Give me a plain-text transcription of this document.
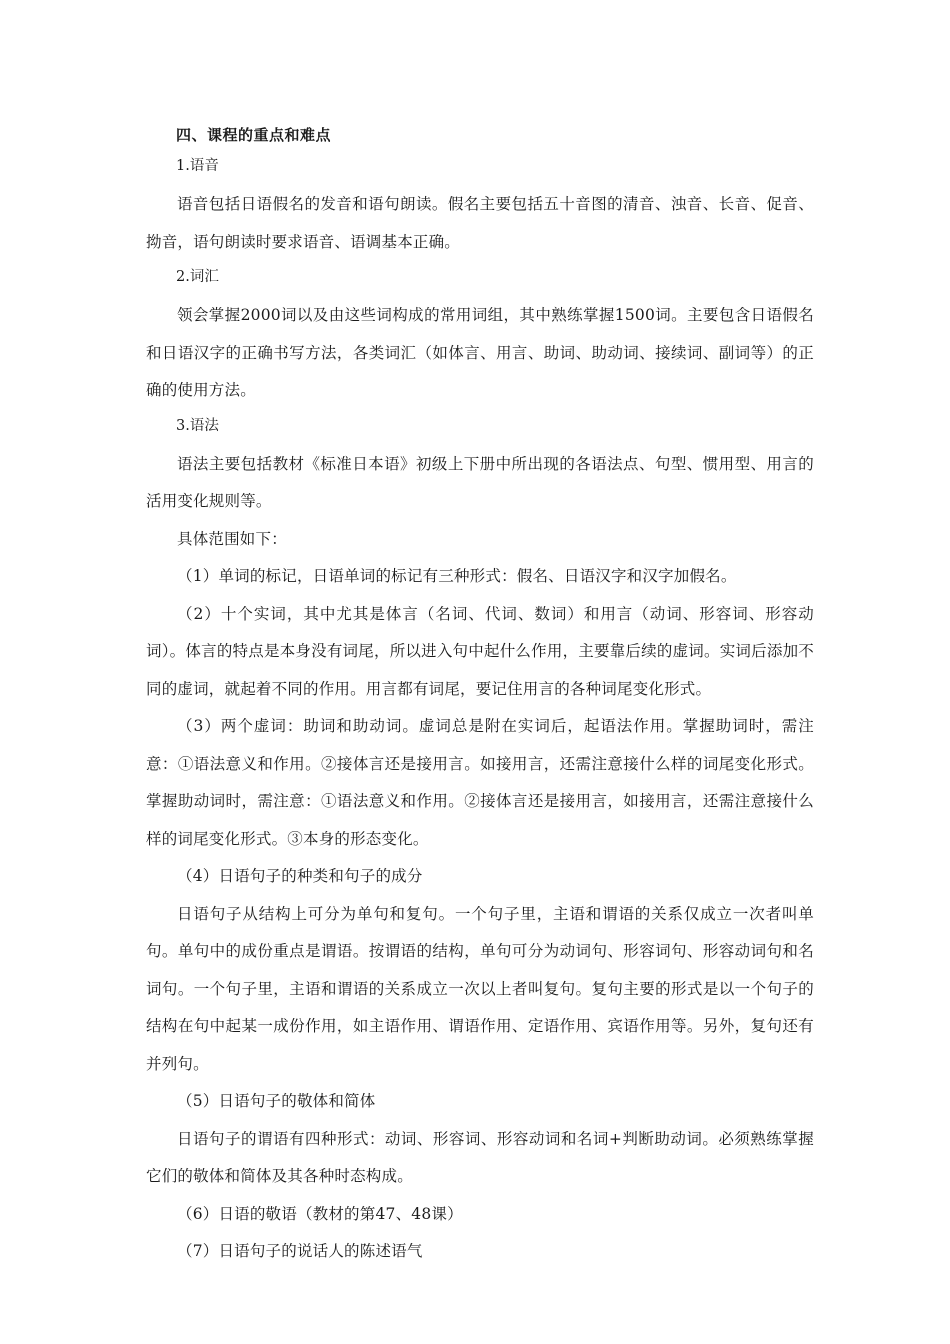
四、课程的重点和难点
1.语音

语音包括日语假名的发音和语句朗读。假名主要包括五十音图的清音、浊音、长音、促音、拗音，语句朗读时要求语音、语调基本正确。

2.词汇

领会掌握2000词以及由这些词构成的常用词组，其中熟练掌握1500词。主要包含日语假名和日语汉字的正确书写方法，各类词汇（如体言、用言、助词、助动词、接续词、副词等）的正确的使用方法。

3.语法

语法主要包括教材《标准日本语》初级上下册中所出现的各语法点、句型、惯用型、用言的活用变化规则等。

具体范围如下：

（1）单词的标记，日语单词的标记有三种形式：假名、日语汉字和汉字加假名。

（2）十个实词，其中尤其是体言（名词、代词、数词）和用言（动词、形容词、形容动词）。体言的特点是本身没有词尾，所以进入句中起什么作用，主要靠后续的虚词。实词后添加不同的虚词，就起着不同的作用。用言都有词尾，要记住用言的各种词尾变化形式。

（3）两个虚词：助词和助动词。虚词总是附在实词后，起语法作用。掌握助词时，需注意：①语法意义和作用。②接体言还是接用言。如接用言，还需注意接什么样的词尾变化形式。掌握助动词时，需注意：①语法意义和作用。②接体言还是接用言，如接用言，还需注意接什么样的词尾变化形式。③本身的形态变化。

（4）日语句子的种类和句子的成分

日语句子从结构上可分为单句和复句。一个句子里，主语和谓语的关系仅成立一次者叫单句。单句中的成份重点是谓语。按谓语的结构，单句可分为动词句、形容词句、形容动词句和名词句。一个句子里，主语和谓语的关系成立一次以上者叫复句。复句主要的形式是以一个句子的结构在句中起某一成份作用，如主语作用、谓语作用、定语作用、宾语作用等。另外，复句还有并列句。

（5）日语句子的敬体和简体

日语句子的谓语有四种形式：动词、形容词、形容动词和名词+判断助动词。必须熟练掌握它们的敬体和简体及其各种时态构成。

（6）日语的敬语（教材的第47、48课）

（7）日语句子的说话人的陈述语气
